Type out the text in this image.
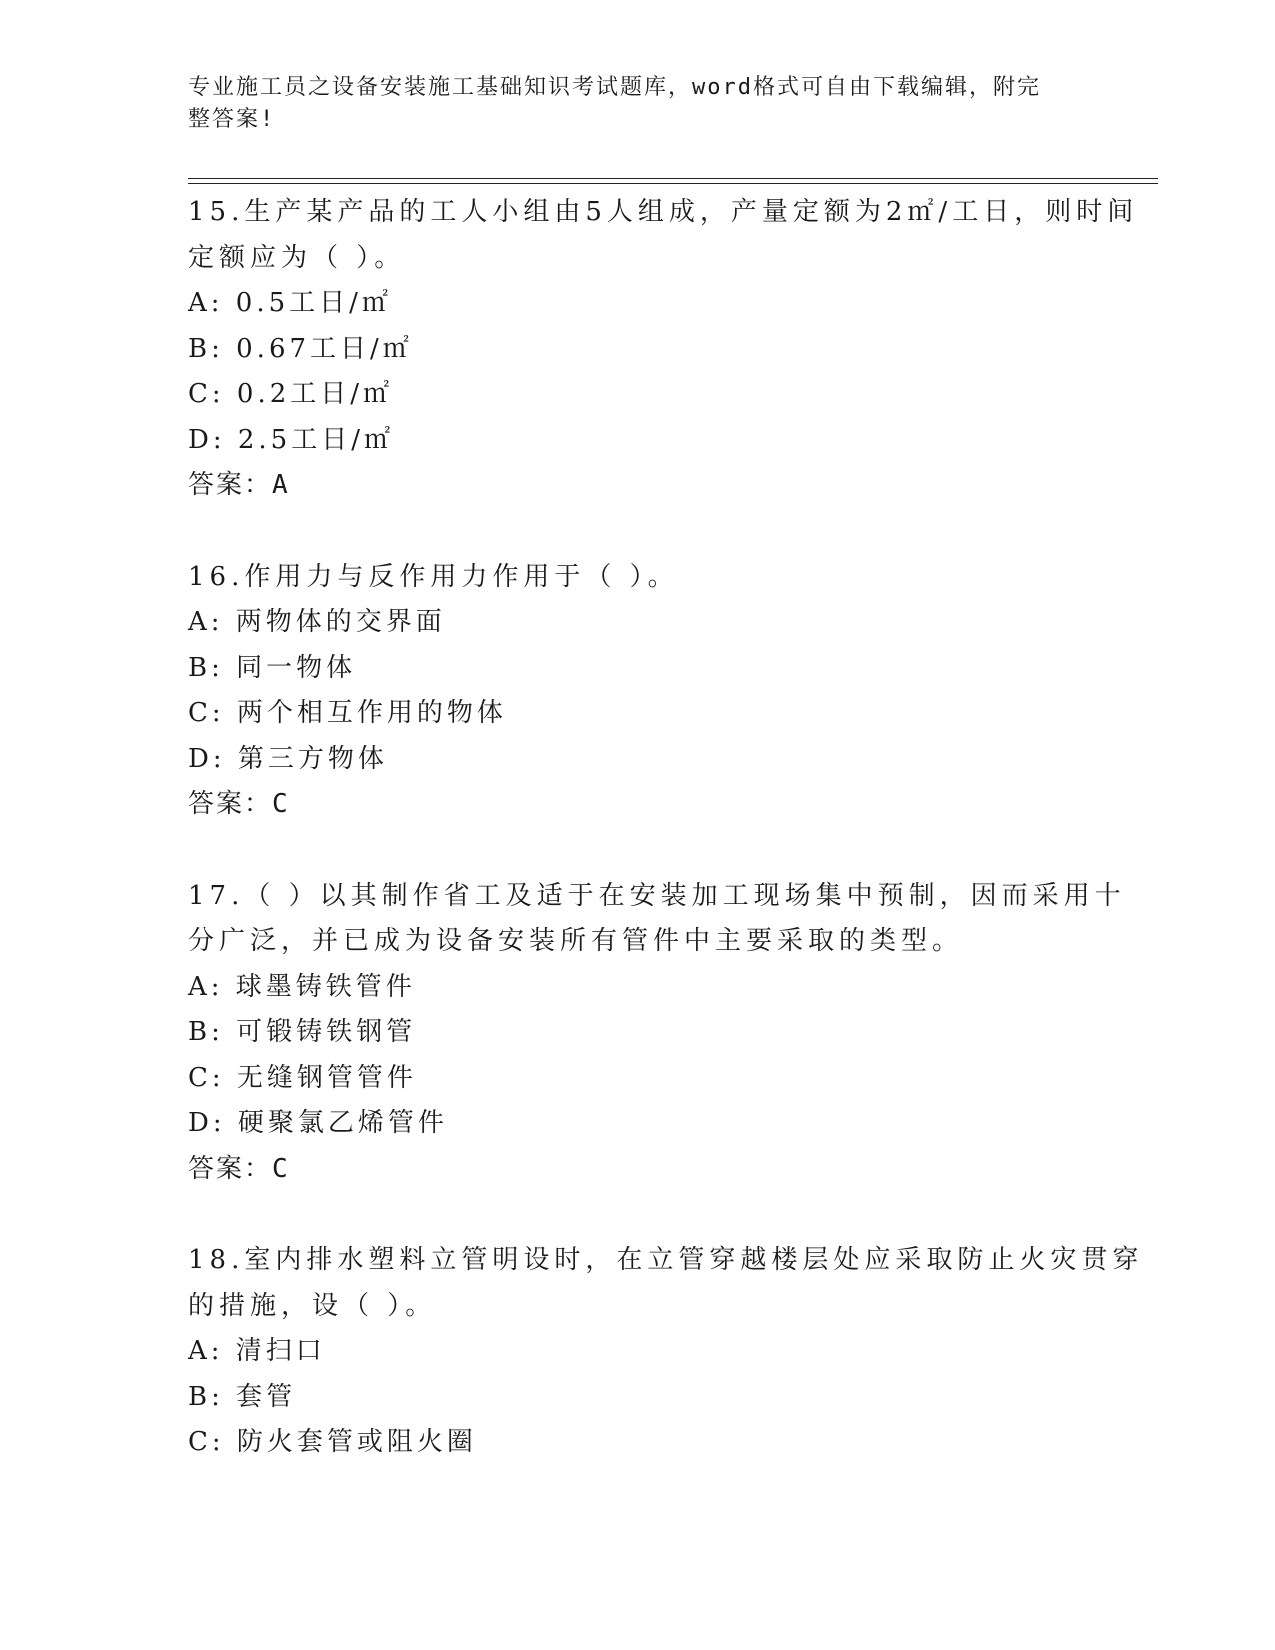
专业施工员之设备安装施工基础知识考试题库，word格式可自由下载编辑，附完
整答案!
15.生产某产品的工人小组由5人组成，产量定额为2㎡/工日，则时间
定额应为（ ）。
A: 0.5工日/㎡
B: 0.67工日/㎡
C: 0.2工日/㎡
D: 2.5工日/㎡
答案：A
16.作用力与反作用力作用于（ ）。
A: 两物体的交界面
B: 同一物体
C: 两个相互作用的物体
D: 第三方物体
答案：C
17.（ ）以其制作省工及适于在安装加工现场集中预制，因而采用十
分广泛，并已成为设备安装所有管件中主要采取的类型。
A: 球墨铸铁管件
B: 可锻铸铁钢管
C: 无缝钢管管件
D: 硬聚氯乙烯管件
答案：C
18.室内排水塑料立管明设时，在立管穿越楼层处应采取防止火灾贯穿
的措施，设（ ）。
A: 清扫口
B: 套管
C: 防火套管或阻火圈
